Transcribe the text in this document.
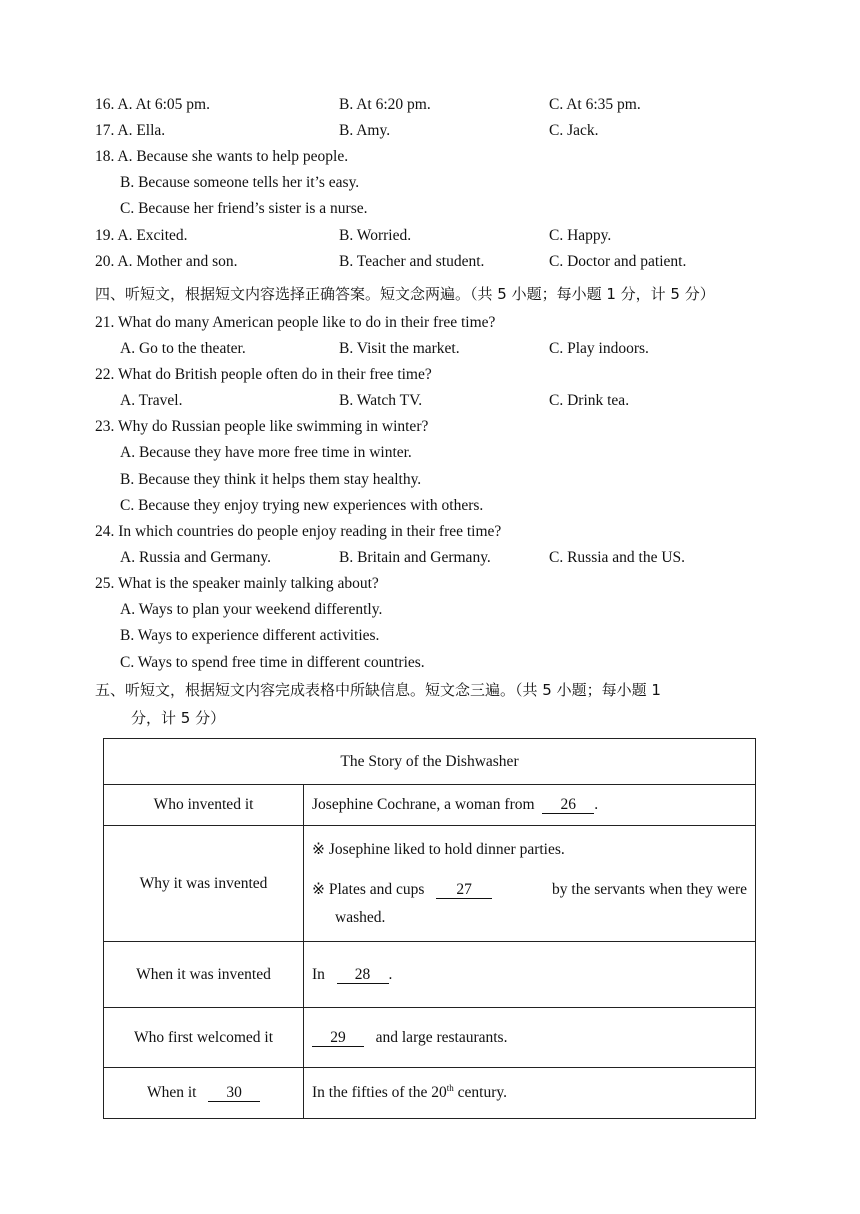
16. A. At 6:05 pm.	B. At 6:20 pm.	C. At 6:35 pm.
17. A. Ella.	B. Amy.	C. Jack.
18. A. Because she wants to help people.
B. Because someone tells her it’s easy.
C. Because her friend’s sister is a nurse.
19. A. Excited.	B. Worried.	C. Happy.
20. A. Mother and son.	B. Teacher and student.	C. Doctor and patient.
四、听短文，根据短文内容选择正确答案。短文念两遍。（共 5 小题；每小题 1 分，计 5 分）
21. What do many American people like to do in their free time?
A. Go to the theater.	B. Visit the market.	C. Play indoors.
22. What do British people often do in their free time?
A. Travel.	B. Watch TV.	C. Drink tea.
23. Why do Russian people like swimming in winter?
A. Because they have more free time in winter.
B. Because they think it helps them stay healthy.
C. Because they enjoy trying new experiences with others.
24. In which countries do people enjoy reading in their free time?
A. Russia and Germany.	B. Britain and Germany.	C. Russia and the US.
25. What is the speaker mainly talking about?
A. Ways to plan your weekend differently.
B. Ways to experience different activities.
C. Ways to spend free time in different countries.
五、听短文，根据短文内容完成表格中所缺信息。短文念三遍。（共 5 小题；每小题 1
分，计 5 分）
The Story of the Dishwasher	
Who invented it	Josephine Cochrane, a woman from 26 .
Why it was invented	※ Josephine liked to hold dinner parties.
※ Plates and cups 27 by the servants when they were
washed.

When it was invented	In 28 .
Who first welcomed it	29 and large restaurants.
When it 30	In the fifties of the 20th century.
